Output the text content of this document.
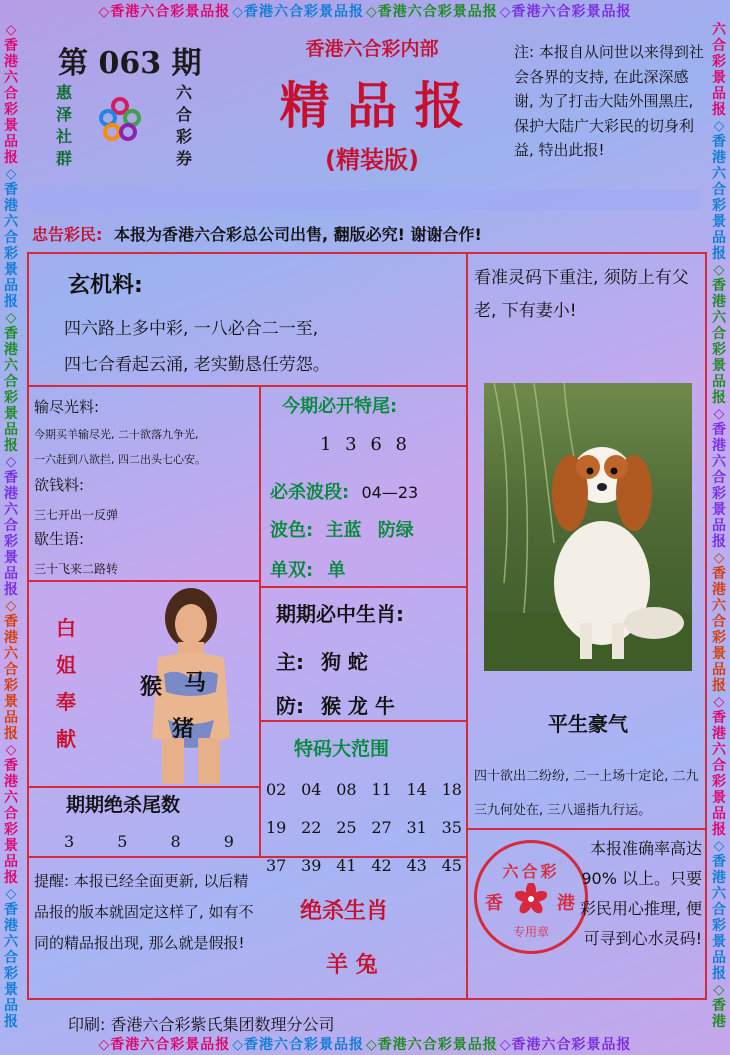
◇香港六合彩景品报 ◇香港六合彩景品报 ◇香港六合彩景品报 ◇香港六合彩景品报
◇香港六合彩景品报 ◇香港六合彩景品报 ◇香港六合彩景品报 ◇香港六合彩景品报
◇
香
港
六
合
彩
景
品
报
◇
香
港
六
合
彩
景
品
报
◇
香
港
六
合
彩
景
品
报
◇
香
港
六
合
彩
景
品
报
◇
香
港
六
合
彩
景
品
报
◇
香
港
六
合
彩
景
品
报
◇
香
港
六
合
彩
景
品
报
六
合
彩
景
品
报
◇
香
港
六
合
彩
景
品
报
◇
香
港
六
合
彩
景
品
报
◇
香
港
六
合
彩
景
品
报
◇
香
港
六
合
彩
景
品
报
◇
香
港
六
合
彩
景
品
报
◇
香
港
六
合
彩
景
品
报
◇
香
港
第 063 期
惠
泽
社
群
六
合
彩
券
香港六合彩内部
精 品 报
(精装版)
注: 本报自从问世以来得到社会各界的支持, 在此深深感谢, 为了打击大陆外围黑庄, 保护大陆广大彩民的切身利益, 特出此报!
忠告彩民: 本报为香港六合彩总公司出售, 翻版必究! 谢谢合作!
玄机料:
四六路上多中彩, 一八必合二一至,
四七合看起云涌, 老实勤恳任劳怨。
看准灵码下重注, 须防上有父老, 下有妻小!
输尽光料:
今期买羊输尽光, 二十欲落九争光,
一六赶到八欲拦, 四二出头七心安。
欲钱料:
三七开出一反弹
歇生语:
三十飞来二路转
今期必开特尾:
1 3 6 8
必杀波段: 04—23
波色: 主蓝 防绿
单双: 单
期期必中生肖:
主: 狗 蛇
防: 猴 龙 牛
白
姐
奉
献
猴 马
猪
期期绝杀尾数
3	5	8	9
特码大范围
02 04 08 11 14 18
19 22 25 27 31 35
37 39 41 42 43 45
提醒: 本报已经全面更新, 以后精品报的版本就固定这样了, 如有不同的精品报出现, 那么就是假报!
绝杀生肖
羊 兔
平生豪气
四十欲出二纷纷, 二一上场十定论, 二九三九何处在, 三八遥指九行运。
六合彩
香	港
专用章
本报准确率高达 90% 以上。只要彩民用心推理, 便可寻到心水灵码!
印刷: 香港六合彩紫氏集团数理分公司
